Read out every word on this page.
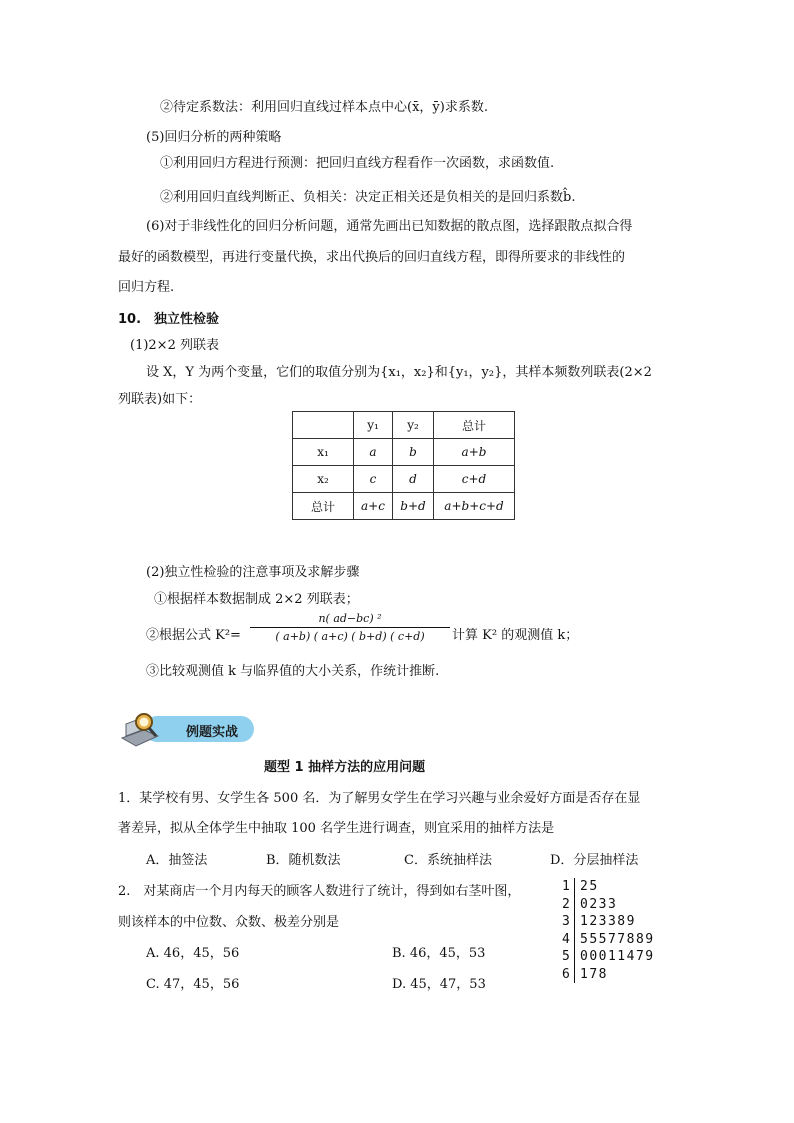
②待定系数法：利用回归直线过样本点中心(x̄，ȳ)求系数.
(5)回归分析的两种策略
①利用回归方程进行预测：把回归直线方程看作一次函数，求函数值.
②利用回归直线判断正、负相关：决定正相关还是负相关的是回归系数b̂.
(6)对于非线性化的回归分析问题，通常先画出已知数据的散点图，选择跟散点拟合得
最好的函数模型，再进行变量代换，求出代换后的回归直线方程，即得所要求的非线性的
回归方程.
10.　独立性检验
(1)2×2 列联表
设 X，Y 为两个变量，它们的取值分别为{x₁，x₂}和{y₁，y₂}，其样本频数列联表(2×2
列联表)如下：
	y₁	y₂	总计
x₁	a	b	a+b
x₂	c	d	c+d
总计	a+c	b+d	a+b+c+d
(2)独立性检验的注意事项及求解步骤
①根据样本数据制成 2×2 列联表；
②根据公式 K²=
n( ad−bc) ²
( a+b) ( a+c) ( b+d) ( c+d)	计算 K² 的观测值 k；
③比较观测值 k 与临界值的大小关系，作统计推断.
例题实战
题型 1 抽样方法的应用问题
1．某学校有男、女学生各 500 名．为了解男女学生在学习兴趣与业余爱好方面是否存在显
著差异，拟从全体学生中抽取 100 名学生进行调查，则宜采用的抽样方法是
A．抽签法	B．随机数法	C．系统抽样法	D．分层抽样法
2.　对某商店一个月内每天的顾客人数进行了统计，得到如右茎叶图，
则该样本的中位数、众数、极差分别是
A. 46，45，56	B. 46，45，53
C. 47，45，56	D. 45，47，53
1 25
2 0233
3 123389
4 55577889
5 00011479
6 178
